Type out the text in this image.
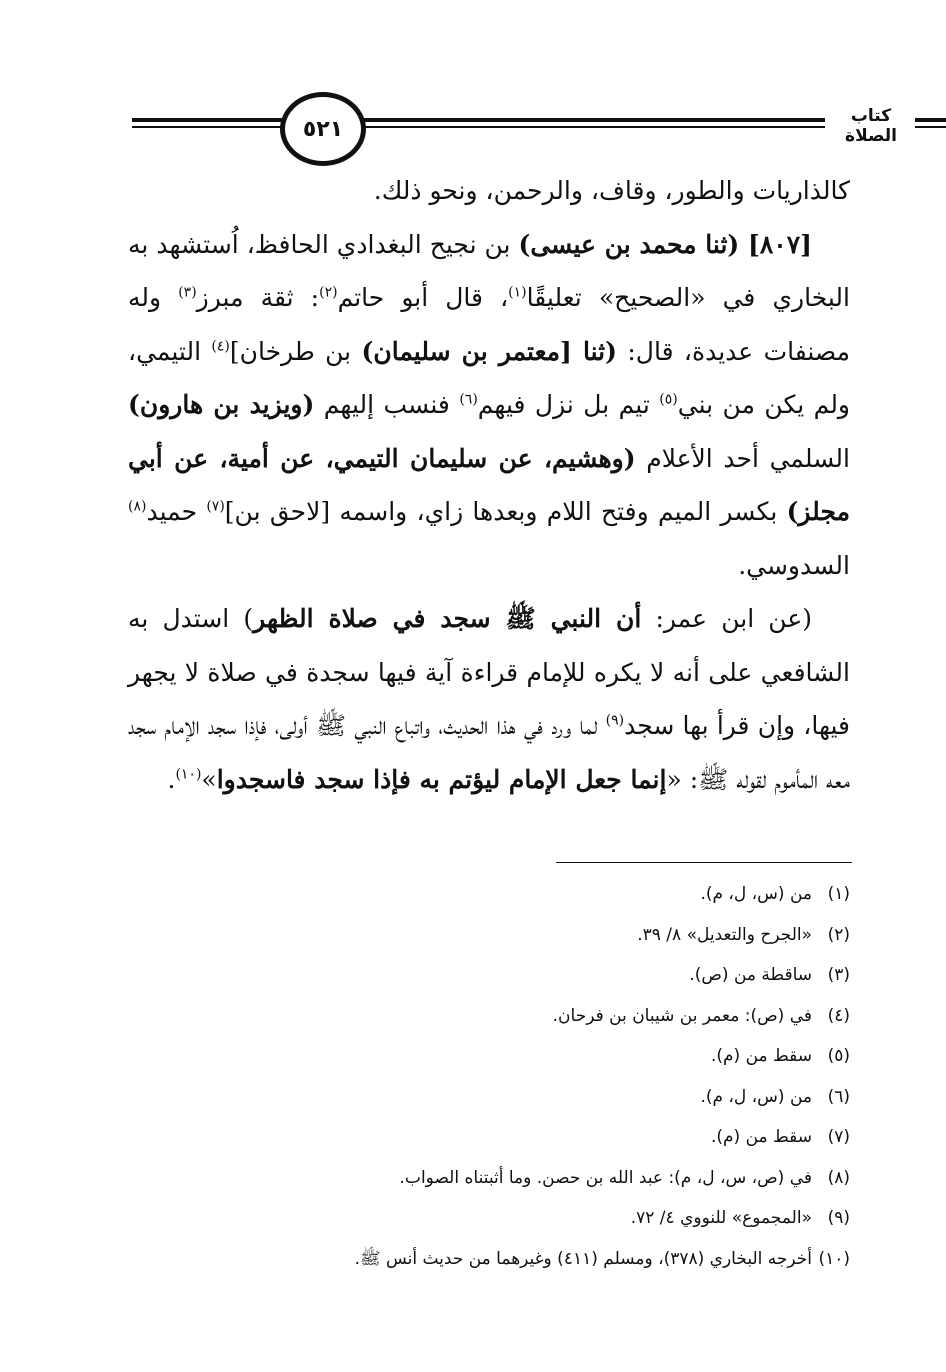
٥٢١
كتاب الصلاة

كالذاريات والطور، وقاف، والرحمن، ونحو ذلك.

[٨٠٧] (ثنا محمد بن عيسى) بن نجيح البغدادي الحافظ، اُستشهد به البخاري في «الصحيح» تعليقًا$^{(١)}$، قال أبو حاتم$^{(٢)}$: ثقة مبرز$^{(٣)}$ وله مصنفات عديدة، قال: (ثنا [معتمر بن سليمان) بن طرخان]$^{(٤)}$ التيمي، ولم يكن من بني$^{(٥)}$ تيم بل نزل فيهم$^{(٦)}$ فنسب إليهم (ويزيد بن هارون) السلمي أحد الأعلام (وهشيم، عن سليمان التيمي، عن أمية، عن أبي مجلز) بكسر الميم وفتح اللام وبعدها زاي، واسمه [لاحق بن]$^{(٧)}$ حميد$^{(٨)}$ السدوسي.

(عن ابن عمر: أن النبي ﷺ سجد في صلاة الظهر) استدل به الشافعي على أنه لا يكره للإمام قراءة آية فيها سجدة في صلاة لا يجهر فيها، وإن قرأ بها سجد$^{(٩)}$ لما ورد في هذا الحديث، واتباع النبي ﷺ أولى، فإذا سجد الإمام سجد معه المأموم لقوله ﷺ: «إنما جعل الإمام ليؤتم به فإذا سجد فاسجدوا»$^{(١٠)}$.

(١)من (س، ل، م).
(٢)«الجرح والتعديل» ٨/ ٣٩.
(٣)ساقطة من (ص).
(٤)في (ص): معمر بن شيبان بن فرحان.
(٥)سقط من (م).
(٦)من (س، ل، م).
(٧)سقط من (م).
(٨)في (ص، س، ل، م): عبد الله بن حصن. وما أثبتناه الصواب.
(٩)«المجموع» للنووي ٤/ ٧٢.
(١٠)أخرجه البخاري (٣٧٨)، ومسلم (٤١١) وغيرهما من حديث أنس ﷺ.
